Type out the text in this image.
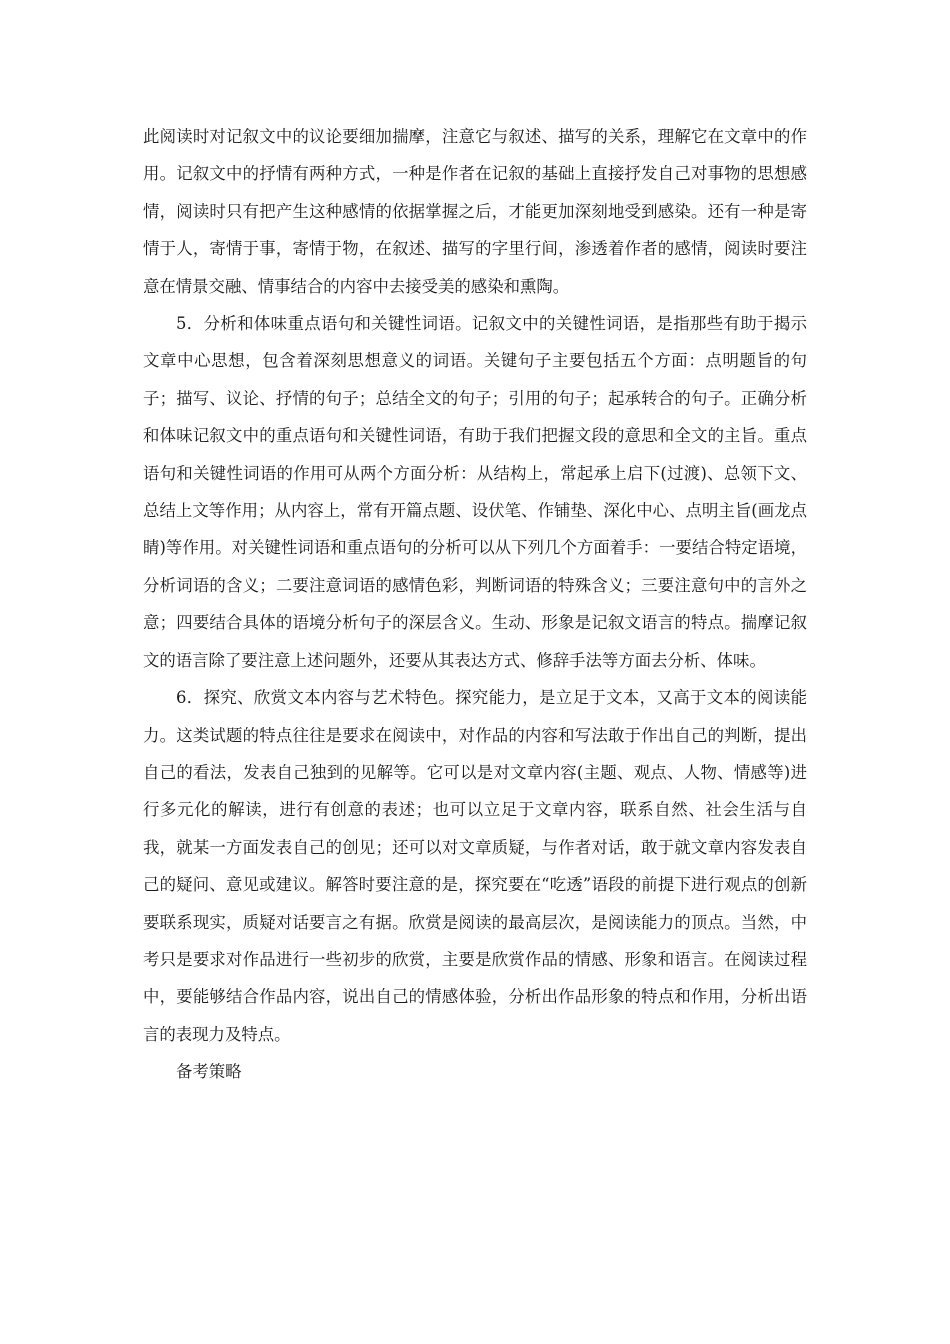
此阅读时对记叙文中的议论要细加揣摩，注意它与叙述、描写的关系，理解它在文章中的作用。记叙文中的抒情有两种方式，一种是作者在记叙的基础上直接抒发自己对事物的思想感情，阅读时只有把产生这种感情的依据掌握之后，才能更加深刻地受到感染。还有一种是寄情于人，寄情于事，寄情于物，在叙述、描写的字里行间，渗透着作者的感情，阅读时要注意在情景交融、情事结合的内容中去接受美的感染和熏陶。

5．分析和体味重点语句和关键性词语。记叙文中的关键性词语，是指那些有助于揭示文章中心思想，包含着深刻思想意义的词语。关键句子主要包括五个方面：点明题旨的句子；描写、议论、抒情的句子；总结全文的句子；引用的句子；起承转合的句子。正确分析和体味记叙文中的重点语句和关键性词语，有助于我们把握文段的意思和全文的主旨。重点语句和关键性词语的作用可从两个方面分析：从结构上，常起承上启下(过渡)、总领下文、总结上文等作用；从内容上，常有开篇点题、设伏笔、作铺垫、深化中心、点明主旨(画龙点睛)等作用。对关键性词语和重点语句的分析可以从下列几个方面着手：一要结合特定语境，分析词语的含义；二要注意词语的感情色彩，判断词语的特殊含义；三要注意句中的言外之意；四要结合具体的语境分析句子的深层含义。生动、形象是记叙文语言的特点。揣摩记叙文的语言除了要注意上述问题外，还要从其表达方式、修辞手法等方面去分析、体味。

6．探究、欣赏文本内容与艺术特色。探究能力，是立足于文本，又高于文本的阅读能力。这类试题的特点往往是要求在阅读中，对作品的内容和写法敢于作出自己的判断，提出自己的看法，发表自己独到的见解等。它可以是对文章内容(主题、观点、人物、情感等)进行多元化的解读，进行有创意的表述；也可以立足于文章内容，联系自然、社会生活与自我，就某一方面发表自己的创见；还可以对文章质疑，与作者对话，敢于就文章内容发表自己的疑问、意见或建议。解答时要注意的是，探究要在“吃透”语段的前提下进行观点的创新要联系现实，质疑对话要言之有据。欣赏是阅读的最高层次，是阅读能力的顶点。当然，中考只是要求对作品进行一些初步的欣赏，主要是欣赏作品的情感、形象和语言。在阅读过程中，要能够结合作品内容，说出自己的情感体验，分析出作品形象的特点和作用，分析出语言的表现力及特点。

备考策略
